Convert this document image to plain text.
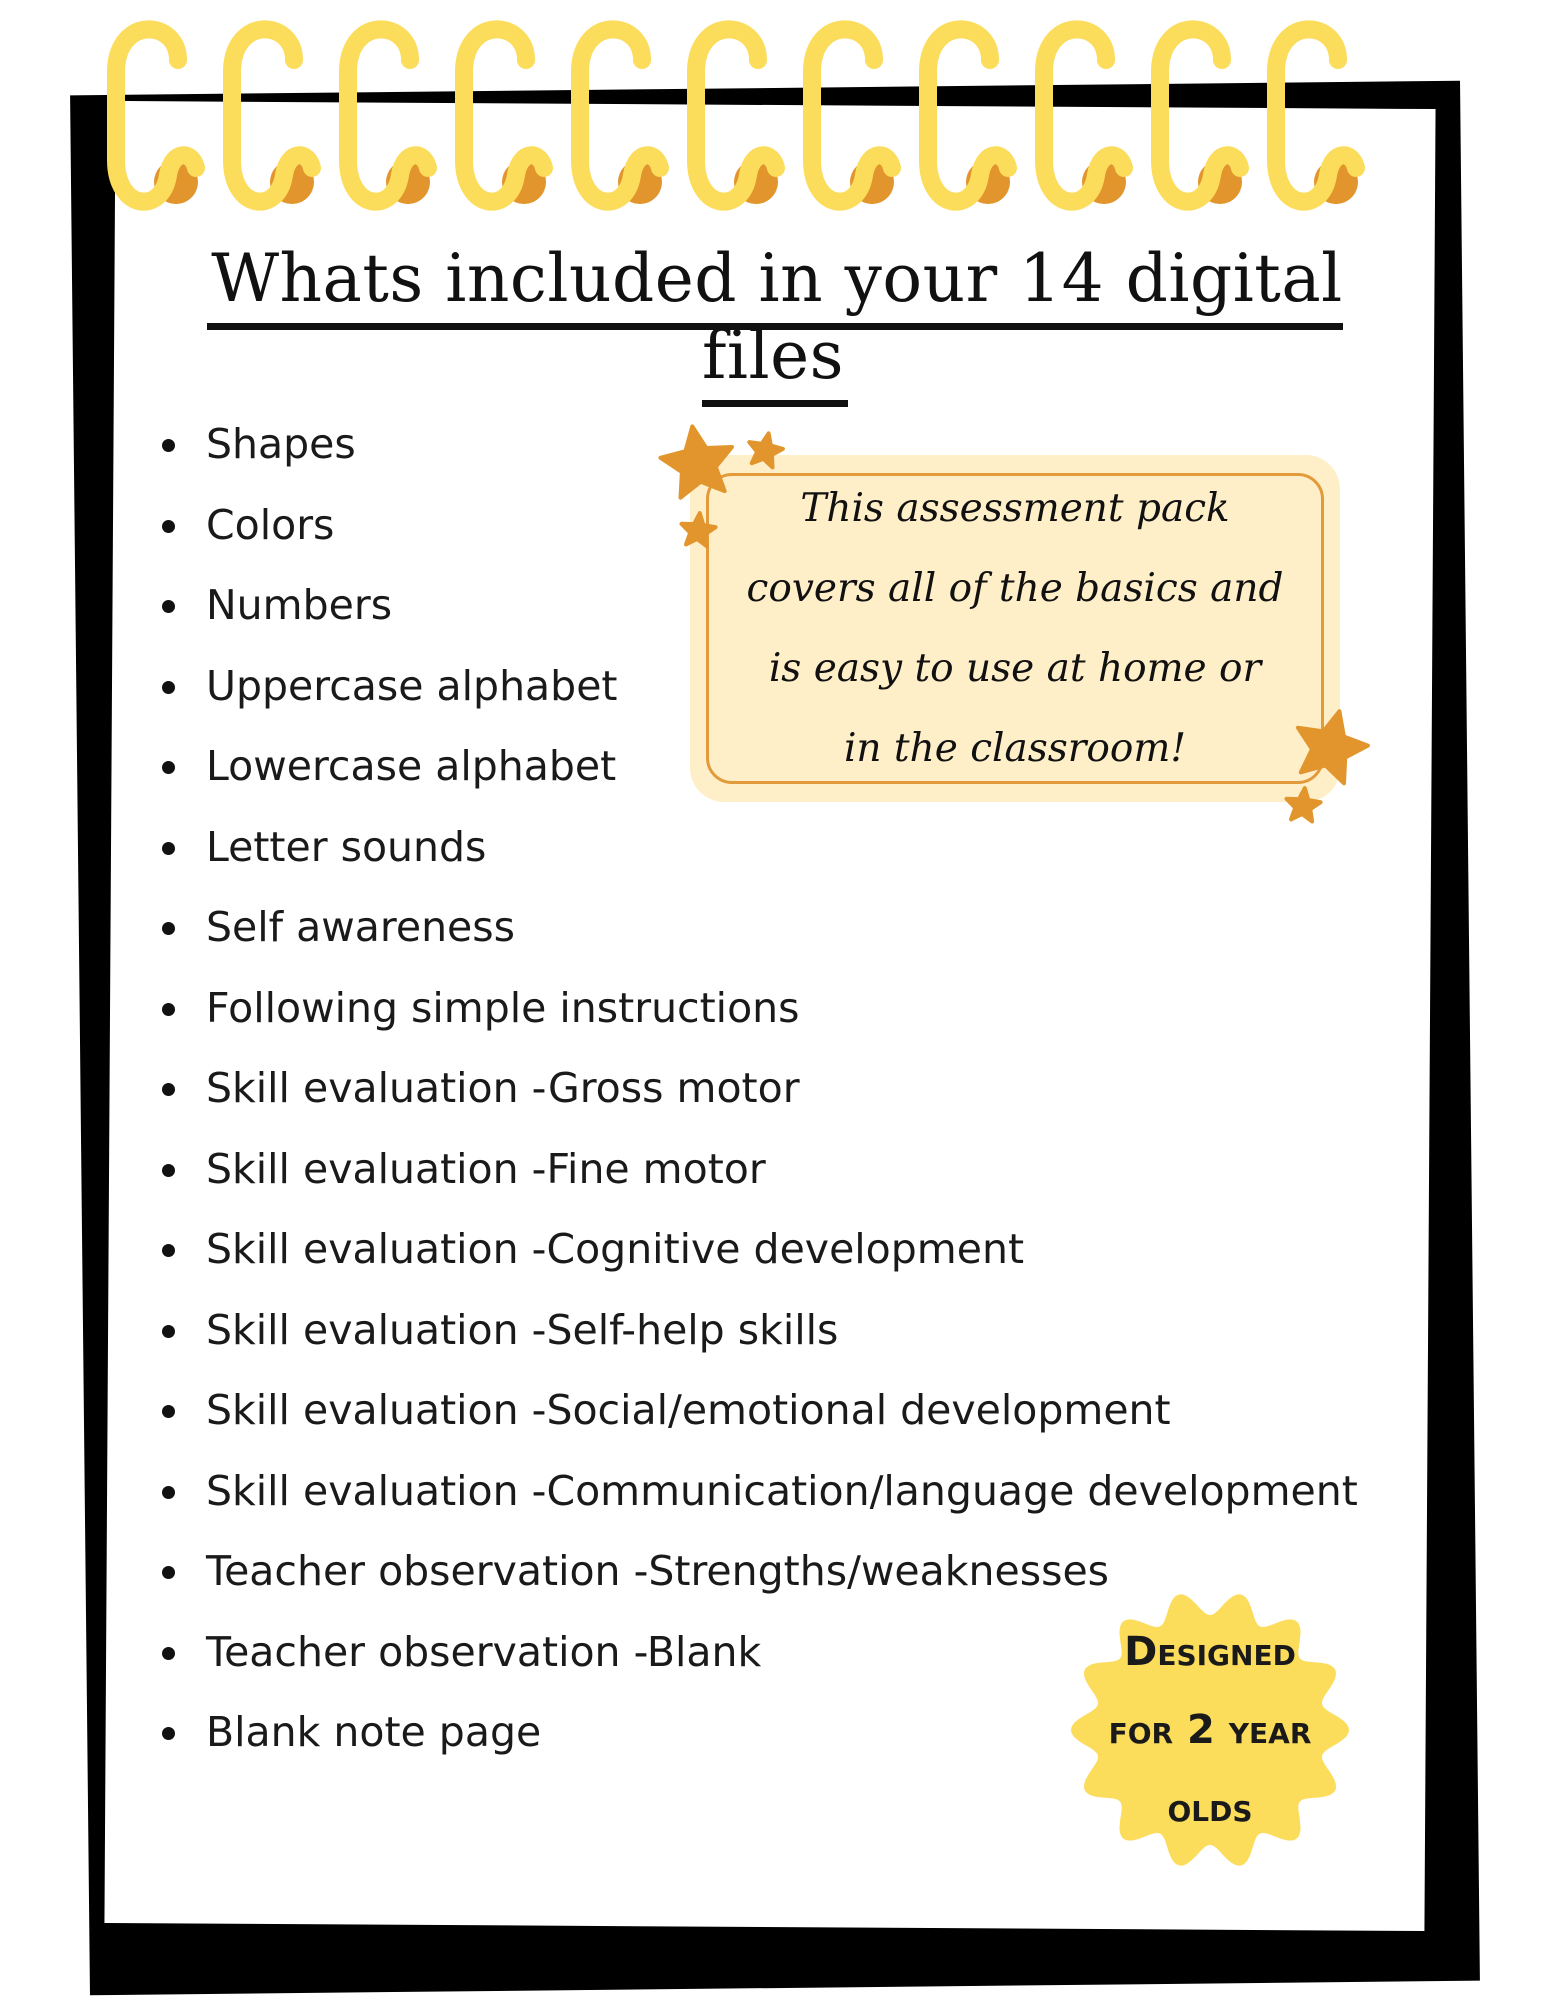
Whats included in your 14 digital files
Shapes
Colors
Numbers
Uppercase alphabet
Lowercase alphabet
Letter sounds
Self awareness
Following simple instructions
Skill evaluation -Gross motor
Skill evaluation -Fine motor
Skill evaluation -Cognitive development
Skill evaluation -Self-help skills
Skill evaluation -Social/emotional development
Skill evaluation -Communication/language development
Teacher observation -Strengths/weaknesses
Teacher observation -Blank
Blank note page

This assessment pack covers all of the basics and is easy to use at home or in the classroom!

Designed
for 2 year
olds
